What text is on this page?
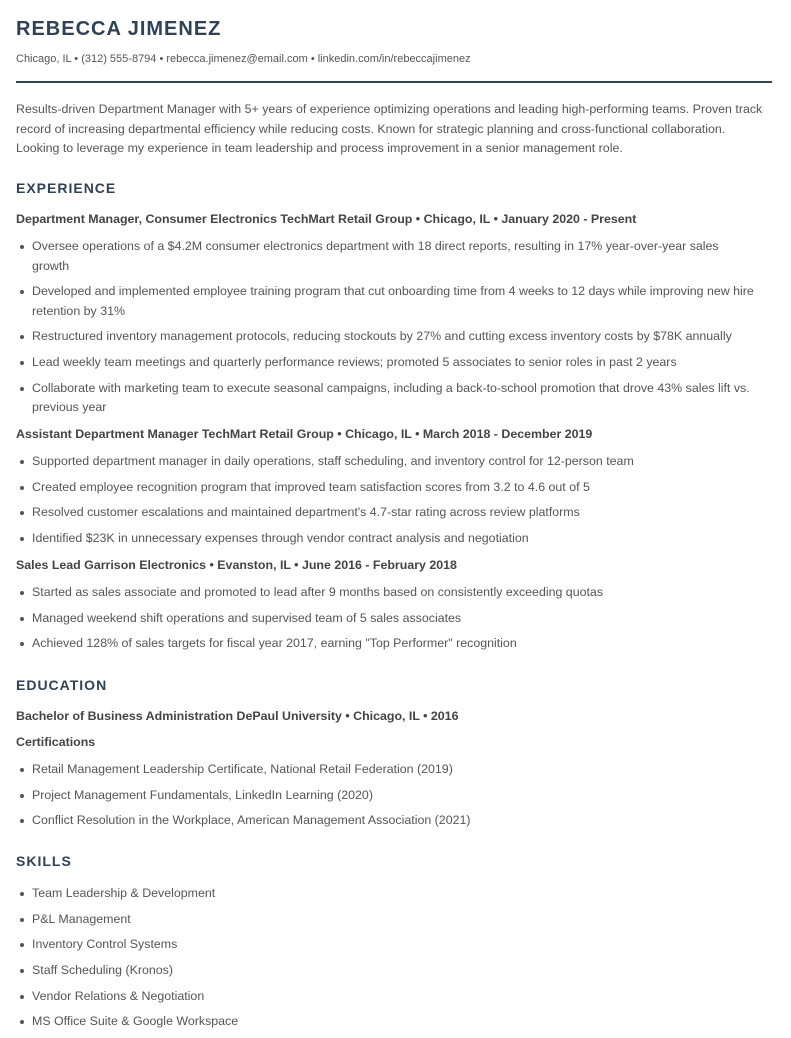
REBECCA JIMENEZ
Chicago, IL • (312) 555-8794 • rebecca.jimenez@email.com • linkedin.com/in/rebeccajimenez

Results-driven Department Manager with 5+ years of experience optimizing operations and leading high-performing teams. Proven track record of increasing departmental efficiency while reducing costs. Known for strategic planning and cross-functional collaboration. Looking to leverage my experience in team leadership and process improvement in a senior management role.

EXPERIENCE
Department Manager, Consumer Electronics TechMart Retail Group • Chicago, IL • January 2020 - Present
Oversee operations of a $4.2M consumer electronics department with 18 direct reports, resulting in 17% year-over-year sales growth
Developed and implemented employee training program that cut onboarding time from 4 weeks to 12 days while improving new hire retention by 31%
Restructured inventory management protocols, reducing stockouts by 27% and cutting excess inventory costs by $78K annually
Lead weekly team meetings and quarterly performance reviews; promoted 5 associates to senior roles in past 2 years
Collaborate with marketing team to execute seasonal campaigns, including a back-to-school promotion that drove 43% sales lift vs. previous year
Assistant Department Manager TechMart Retail Group • Chicago, IL • March 2018 - December 2019
Supported department manager in daily operations, staff scheduling, and inventory control for 12-person team
Created employee recognition program that improved team satisfaction scores from 3.2 to 4.6 out of 5
Resolved customer escalations and maintained department's 4.7-star rating across review platforms
Identified $23K in unnecessary expenses through vendor contract analysis and negotiation
Sales Lead Garrison Electronics • Evanston, IL • June 2016 - February 2018
Started as sales associate and promoted to lead after 9 months based on consistently exceeding quotas
Managed weekend shift operations and supervised team of 5 sales associates
Achieved 128% of sales targets for fiscal year 2017, earning "Top Performer" recognition
EDUCATION
Bachelor of Business Administration DePaul University • Chicago, IL • 2016
Certifications
Retail Management Leadership Certificate, National Retail Federation (2019)
Project Management Fundamentals, LinkedIn Learning (2020)
Conflict Resolution in the Workplace, American Management Association (2021)
SKILLS
Team Leadership & Development
P&L Management
Inventory Control Systems
Staff Scheduling (Kronos)
Vendor Relations & Negotiation
MS Office Suite & Google Workspace
